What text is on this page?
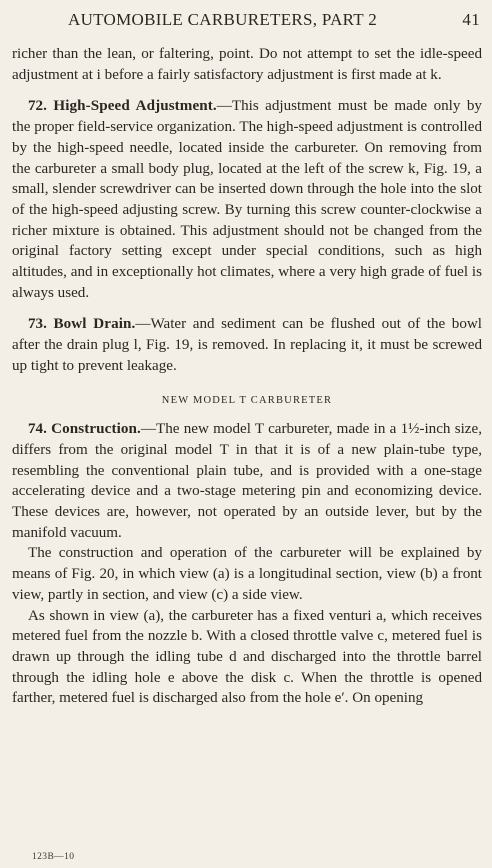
AUTOMOBILE CARBURETERS, PART 2	41

richer than the lean, or faltering, point. Do not attempt to set the idle-speed adjustment at i before a fairly satisfactory adjustment is first made at k.

72. High-Speed Adjustment.—This adjustment must be made only by the proper field-service organization. The high-speed adjustment is controlled by the high-speed needle, located inside the carbureter. On removing from the carbureter a small body plug, located at the left of the screw k, Fig. 19, a small, slender screwdriver can be inserted down through the hole into the slot of the high-speed adjusting screw. By turning this screw counter-clockwise a richer mixture is obtained. This adjustment should not be changed from the original factory setting except under special conditions, such as high altitudes, and in exceptionally hot climates, where a very high grade of fuel is always used.

73. Bowl Drain.—Water and sediment can be flushed out of the bowl after the drain plug l, Fig. 19, is removed. In replacing it, it must be screwed up tight to prevent leakage.

NEW MODEL T CARBURETER

74. Construction.—The new model T carbureter, made in a 1½-inch size, differs from the original model T in that it is of a new plain-tube type, resembling the conventional plain tube, and is provided with a one-stage accelerating device and a two-stage metering pin and economizing device. These devices are, however, not operated by an outside lever, but by the manifold vacuum.

The construction and operation of the carbureter will be explained by means of Fig. 20, in which view (a) is a longitudinal section, view (b) a front view, partly in section, and view (c) a side view.

As shown in view (a), the carbureter has a fixed venturi a, which receives metered fuel from the nozzle b. With a closed throttle valve c, metered fuel is drawn up through the idling tube d and discharged into the throttle barrel through the idling hole e above the disk c. When the throttle is opened farther, metered fuel is discharged also from the hole e′. On opening

123B—10
